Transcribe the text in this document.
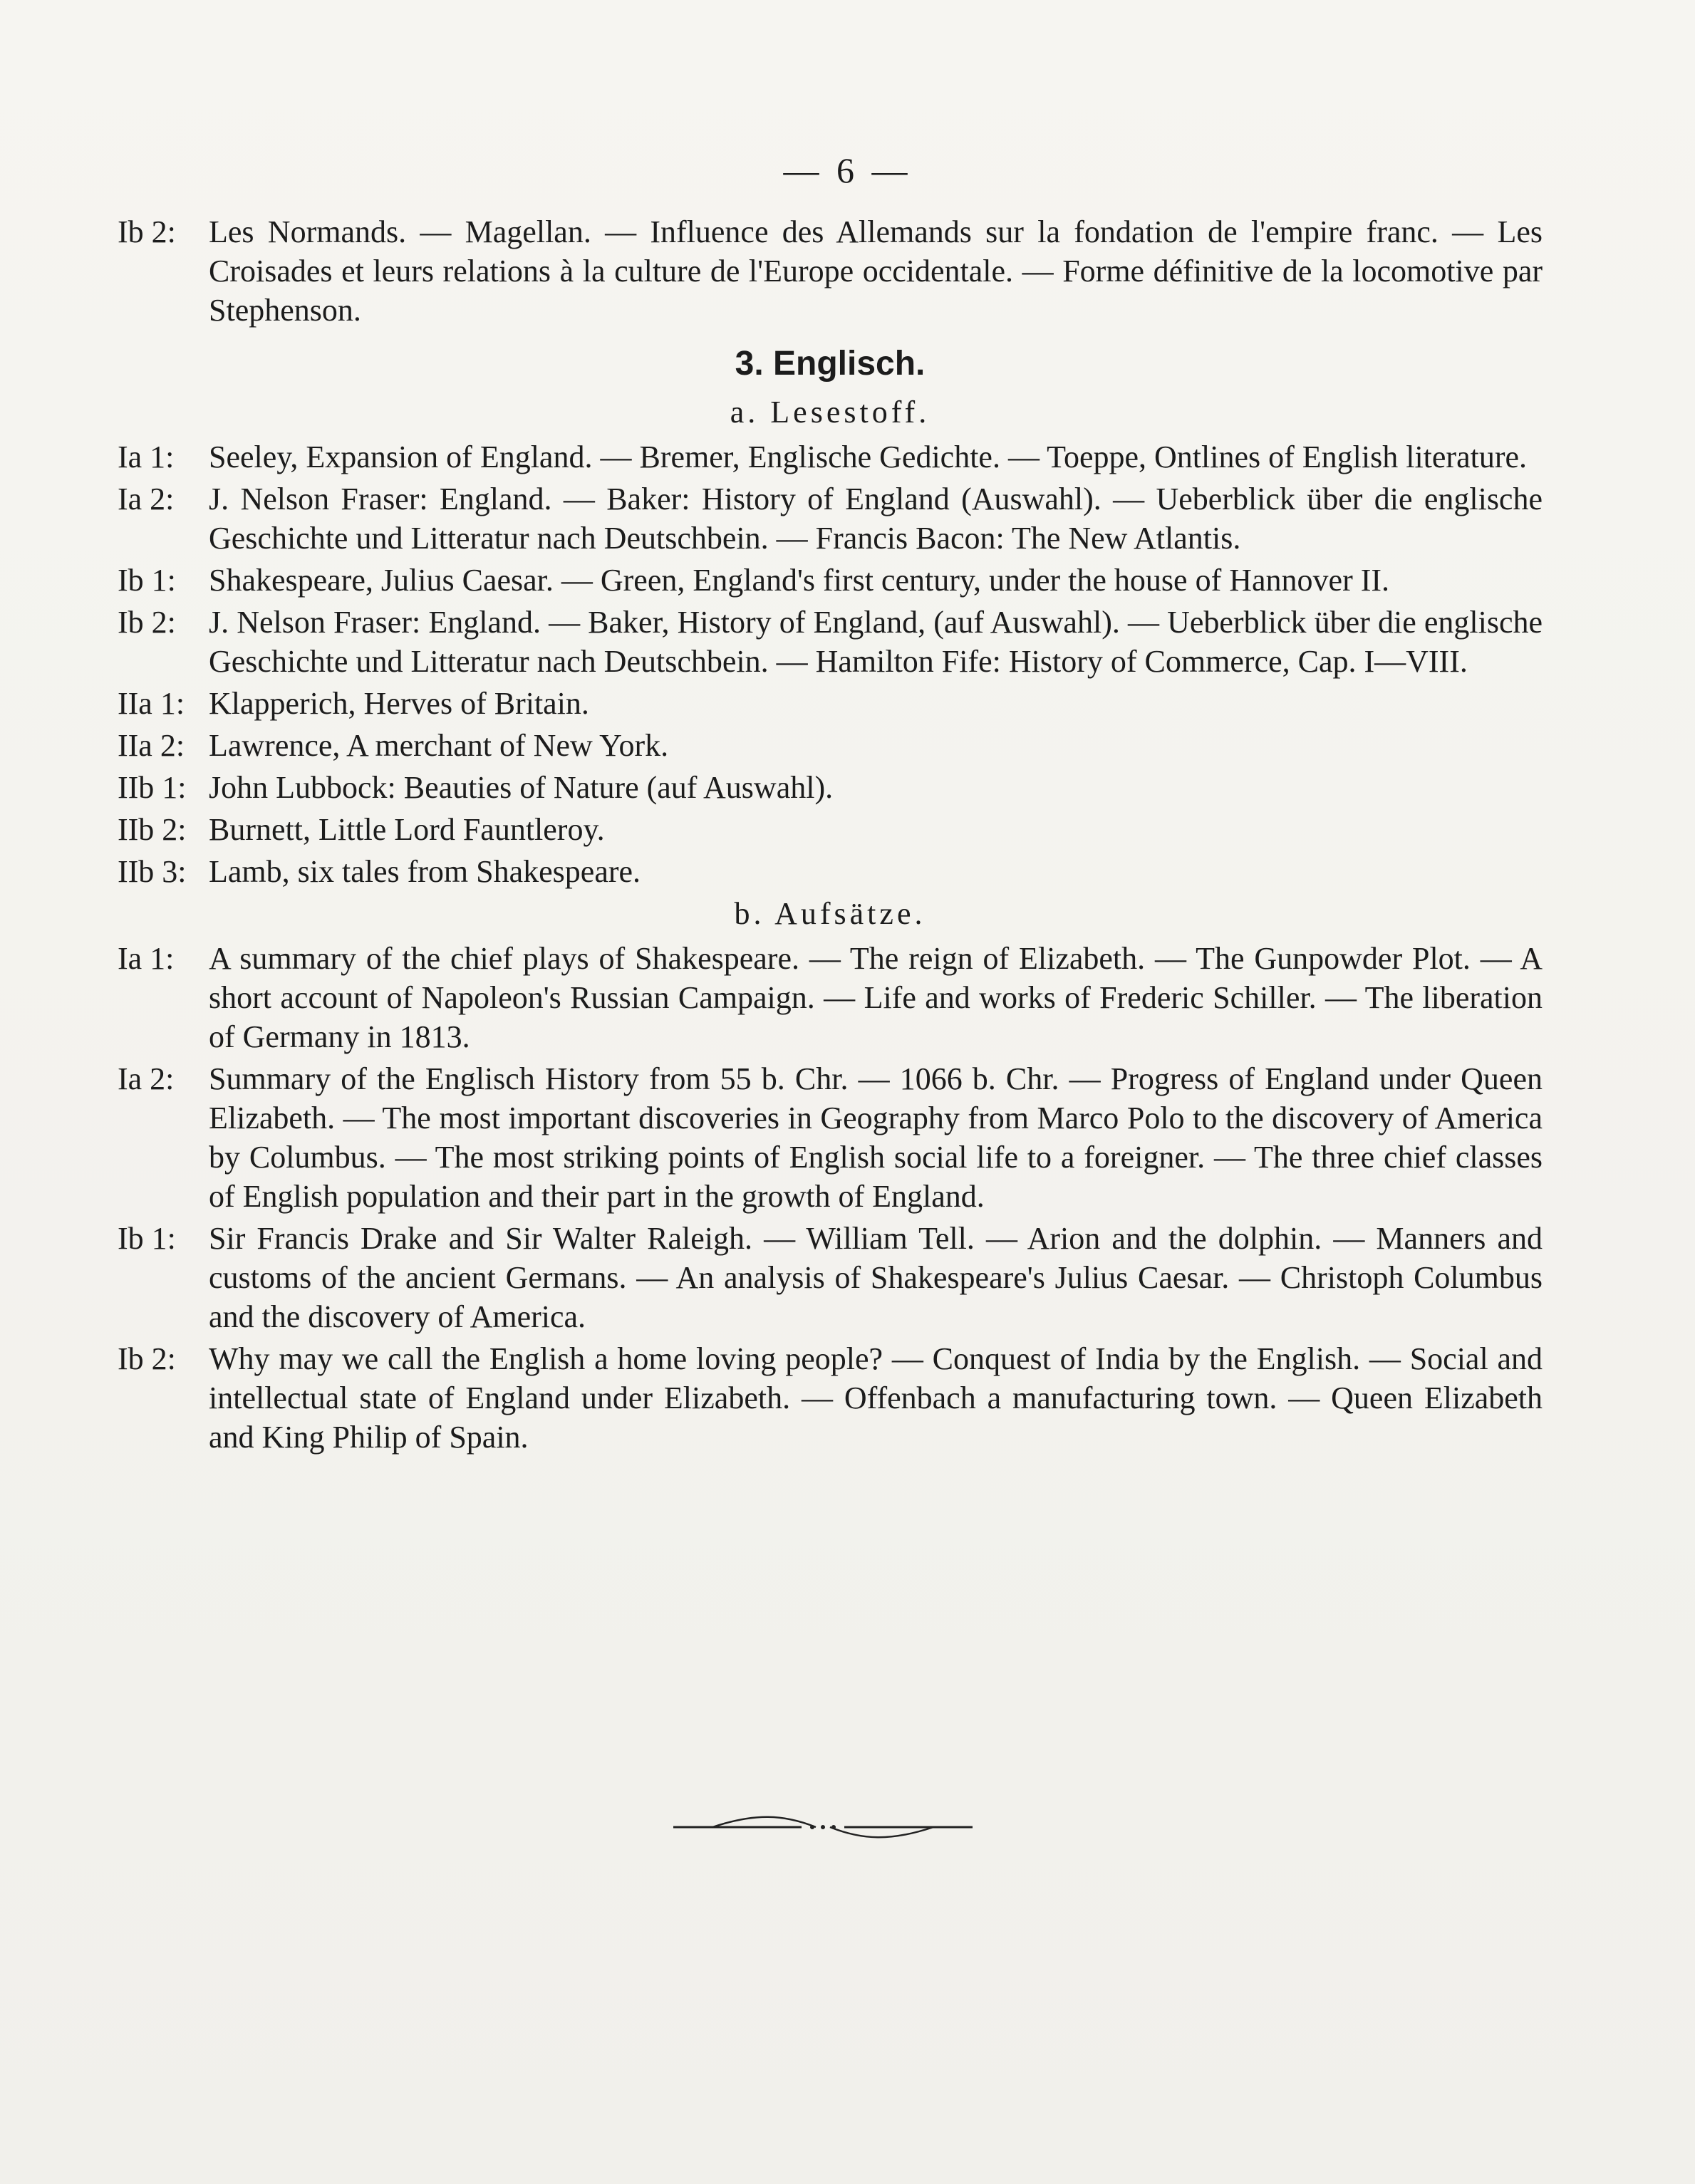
— 6 —
Ib 2:	Les Normands. — Magellan. — Influence des Allemands sur la fondation de l'empire franc. — Les Croisades et leurs relations à la culture de l'Europe occidentale. — Forme définitive de la locomotive par Stephenson.
3. Englisch.
a. Lesestoff.
Ia 1:	Seeley, Expansion of England. — Bremer, Englische Gedichte. — Toeppe, Ontlines of English literature.
Ia 2:	J. Nelson Fraser: England. — Baker: History of England (Auswahl). — Ueberblick über die englische Geschichte und Litteratur nach Deutschbein. — Francis Bacon: The New Atlantis.
Ib 1:	Shakespeare, Julius Caesar. — Green, England's first century, under the house of Hannover II.
Ib 2:	J. Nelson Fraser: England. — Baker, History of England, (auf Auswahl). — Ueberblick über die englische Geschichte und Litteratur nach Deutschbein. — Hamilton Fife: History of Commerce, Cap. I—VIII.
IIa 1: Klapperich, Herves of Britain.
IIa 2: Lawrence, A merchant of New York.
IIb 1: John Lubbock: Beauties of Nature (auf Auswahl).
IIb 2: Burnett, Little Lord Fauntleroy.
IIb 3: Lamb, six tales from Shakespeare.
b. Aufsätze.
Ia 1:	A summary of the chief plays of Shakespeare. — The reign of Elizabeth. — The Gunpowder Plot. — A short account of Napoleon's Russian Campaign. — Life and works of Frederic Schiller. — The liberation of Germany in 1813.
Ia 2:	Summary of the Englisch History from 55 b. Chr. — 1066 b. Chr. — Progress of England under Queen Elizabeth. — The most important discoveries in Geography from Marco Polo to the discovery of America by Columbus. — The most striking points of English social life to a foreigner. — The three chief classes of English population and their part in the growth of England.
Ib 1:	Sir Francis Drake and Sir Walter Raleigh. — William Tell. — Arion and the dolphin. — Manners and customs of the ancient Germans. — An analysis of Shakespeare's Julius Caesar. — Christoph Columbus and the discovery of America.
Ib 2:	Why may we call the English a home loving people? — Conquest of India by the English. — Social and intellectual state of England under Elizabeth. — Offenbach a manufacturing town. — Queen Elizabeth and King Philip of Spain.
